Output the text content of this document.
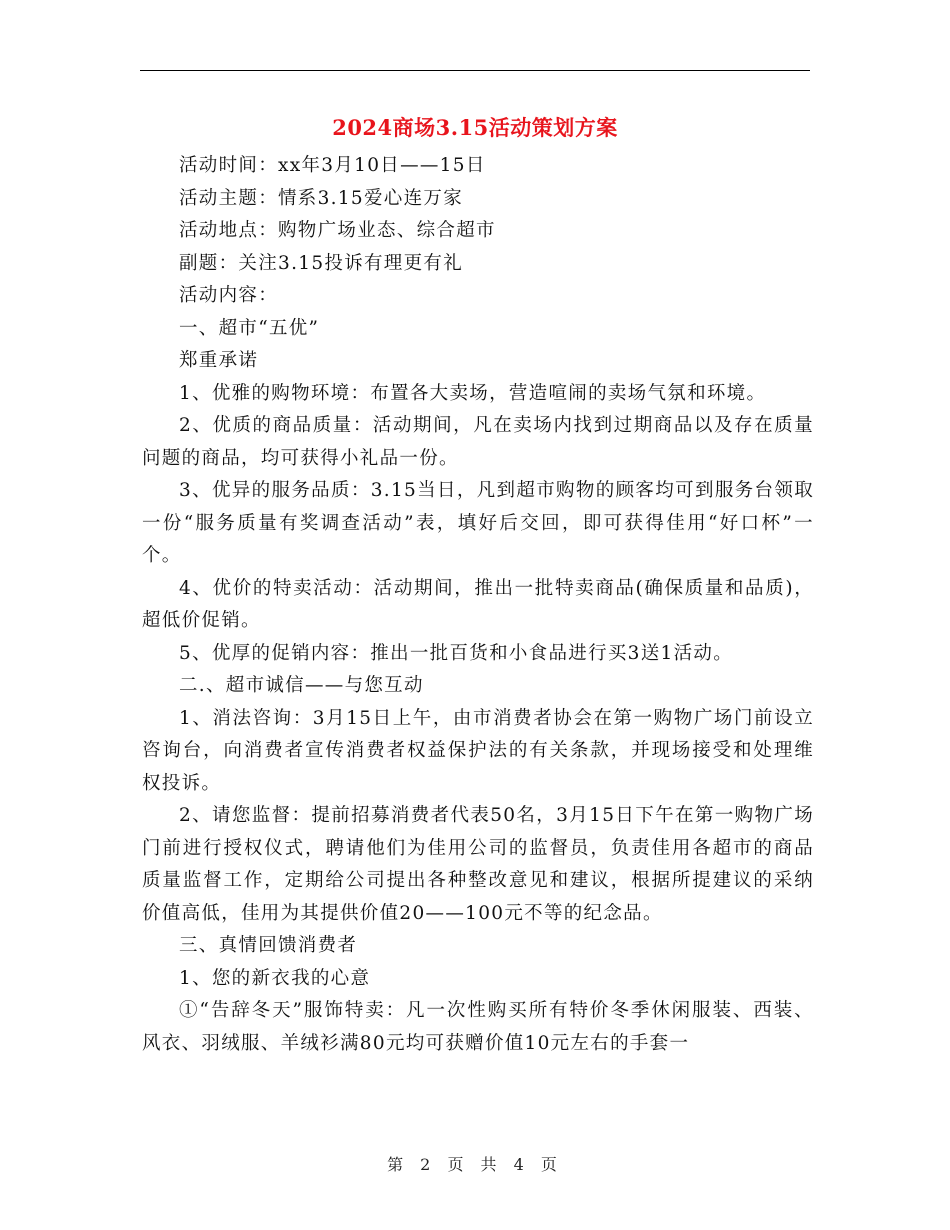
2024商场3.15活动策划方案

活动时间：xx年3月10日——15日

活动主题：情系3.15爱心连万家

活动地点：购物广场业态、综合超市

副题：关注3.15投诉有理更有礼

活动内容：

一、超市“五优”

郑重承诺

1、优雅的购物环境：布置各大卖场，营造喧闹的卖场气氛和环境。

2、优质的商品质量：活动期间，凡在卖场内找到过期商品以及存在质量问题的商品，均可获得小礼品一份。

3、优异的服务品质：3.15当日，凡到超市购物的顾客均可到服务台领取一份“服务质量有奖调查活动”表，填好后交回，即可获得佳用“好口杯”一个。

4、优价的特卖活动：活动期间，推出一批特卖商品(确保质量和品质)，超低价促销。

5、优厚的促销内容：推出一批百货和小食品进行买3送1活动。

二.、超市诚信——与您互动

1、消法咨询：3月15日上午，由市消费者协会在第一购物广场门前设立咨询台，向消费者宣传消费者权益保护法的有关条款，并现场接受和处理维权投诉。

2、请您监督：提前招募消费者代表50名，3月15日下午在第一购物广场门前进行授权仪式，聘请他们为佳用公司的监督员，负责佳用各超市的商品质量监督工作，定期给公司提出各种整改意见和建议，根据所提建议的采纳价值高低，佳用为其提供价值20——100元不等的纪念品。

三、真情回馈消费者

1、您的新衣我的心意

①“告辞冬天”服饰特卖：凡一次性购买所有特价冬季休闲服装、西装、风衣、羽绒服、羊绒衫满80元均可获赠价值10元左右的手套一

第 2 页 共 4 页
